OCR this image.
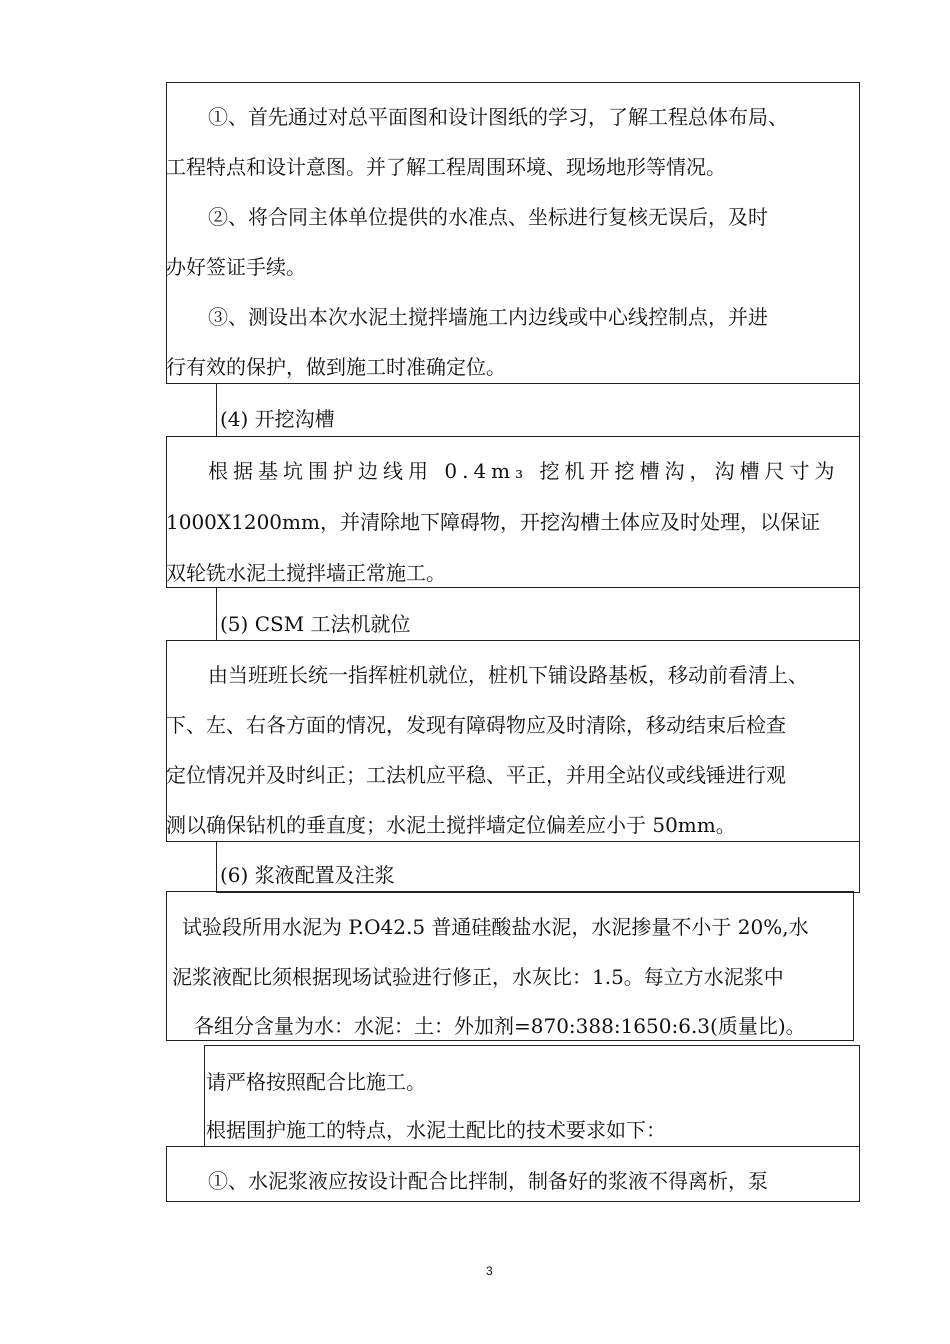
①、首先通过对总平面图和设计图纸的学习，了解工程总体布局、
工程特点和设计意图。并了解工程周围环境、现场地形等情况。
②、将合同主体单位提供的水准点、坐标进行复核无误后，及时
办好签证手续。
③、测设出本次水泥土搅拌墙施工内边线或中心线控制点，并进
行有效的保护，做到施工时准确定位。
(4) 开挖沟槽
根据基坑围护边线用 0.4m₃ 挖机开挖槽沟，沟槽尺寸为
1000X1200mm，并清除地下障碍物，开挖沟槽土体应及时处理，以保证
双轮铣水泥土搅拌墙正常施工。
(5) CSM 工法机就位
由当班班长统一指挥桩机就位，桩机下铺设路基板，移动前看清上、
下、左、右各方面的情况，发现有障碍物应及时清除，移动结束后检查
定位情况并及时纠正；工法机应平稳、平正，并用全站仪或线锤进行观
测以确保钻机的垂直度；水泥土搅拌墙定位偏差应小于 50mm。
(6) 浆液配置及注浆
试验段所用水泥为 P.O42.5 普通硅酸盐水泥，水泥掺量不小于 20%,水
泥浆液配比须根据现场试验进行修正，水灰比：1.5。每立方水泥浆中
各组分含量为水：水泥：土：外加剂=870:388:1650:6.3(质量比)。
请严格按照配合比施工。
根据围护施工的特点，水泥土配比的技术要求如下：
①、水泥浆液应按设计配合比拌制，制备好的浆液不得离析，泵
3
